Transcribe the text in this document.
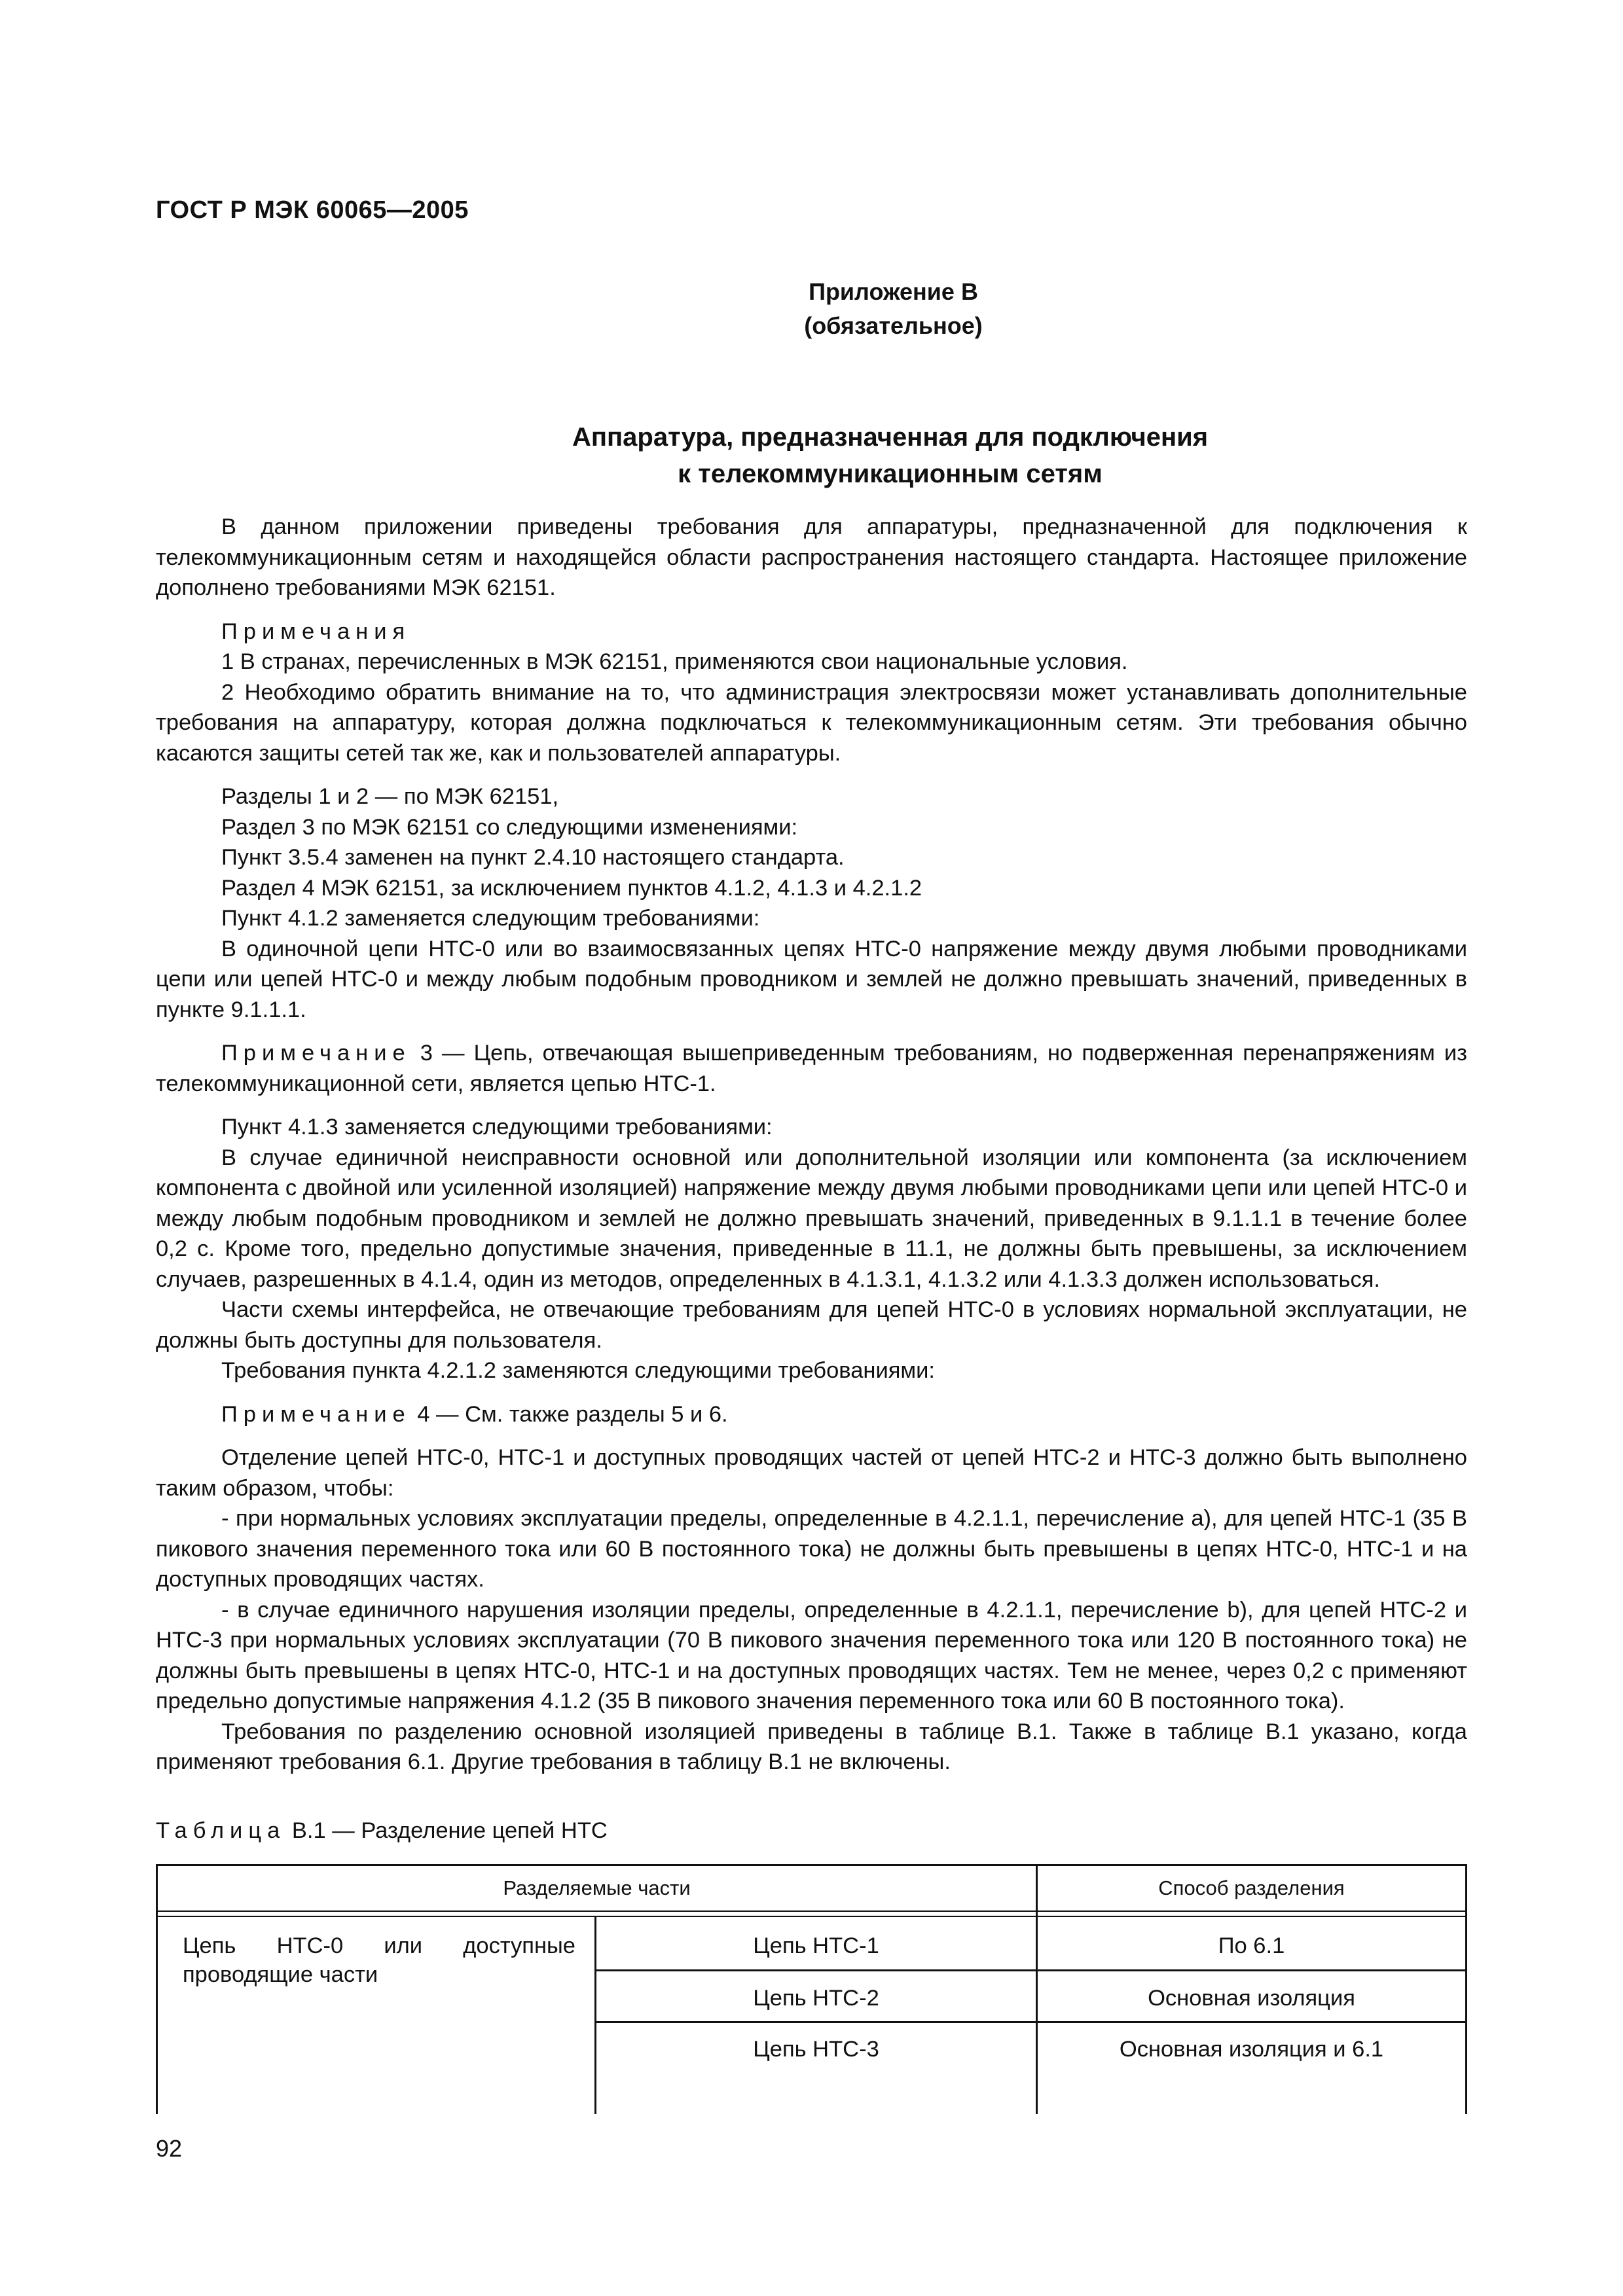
ГОСТ Р МЭК 60065—2005
Приложение В
(обязательное)
Аппаратура, предназначенная для подключения
к телекоммуникационным сетям

В данном приложении приведены требования для аппаратуры, предназначенной для подключения к телекоммуникационным сетям и находящейся области распространения настоящего стандарта. Настоящее приложение дополнено требованиями МЭК 62151.

Примечания

1 В странах, перечисленных в МЭК 62151, применяются свои национальные условия.

2 Необходимо обратить внимание на то, что администрация электросвязи может устанавливать дополнительные требования на аппаратуру, которая должна подключаться к телекоммуникационным сетям. Эти требования обычно касаются защиты сетей так же, как и пользователей аппаратуры.

Разделы 1 и 2 — по МЭК 62151,

Раздел 3 по МЭК 62151 со следующими изменениями:

Пункт 3.5.4 заменен на пункт 2.4.10 настоящего стандарта.

Раздел 4 МЭК 62151, за исключением пунктов 4.1.2, 4.1.3 и 4.2.1.2

Пункт 4.1.2 заменяется следующим требованиями:

В одиночной цепи НТС-0 или во взаимосвязанных цепях НТС-0 напряжение между двумя любыми проводниками цепи или цепей НТС-0 и между любым подобным проводником и землей не должно превышать значений, приведенных в пункте 9.1.1.1.

Примечание 3 — Цепь, отвечающая вышеприведенным требованиям, но подверженная перенапряжениям из телекоммуникационной сети, является цепью НТС-1.

Пункт 4.1.3 заменяется следующими требованиями:

В случае единичной неисправности основной или дополнительной изоляции или компонента (за исключением компонента с двойной или усиленной изоляцией) напряжение между двумя любыми проводниками цепи или цепей НТС-0 и между любым подобным проводником и землей не должно превышать значений, приведенных в 9.1.1.1 в течение более 0,2 с. Кроме того, предельно допустимые значения, приведенные в 11.1, не должны быть превышены, за исключением случаев, разрешенных в 4.1.4, один из методов, определенных в 4.1.3.1, 4.1.3.2 или 4.1.3.3 должен использоваться.

Части схемы интерфейса, не отвечающие требованиям для цепей НТС-0 в условиях нормальной эксплуатации, не должны быть доступны для пользователя.

Требования пункта 4.2.1.2 заменяются следующими требованиями:

Примечание 4 — См. также разделы 5 и 6.

Отделение цепей НТС-0, НТС-1 и доступных проводящих частей от цепей НТС-2 и НТС-3 должно быть выполнено таким образом, чтобы:

- при нормальных условиях эксплуатации пределы, определенные в 4.2.1.1, перечисление а), для цепей НТС-1 (35 В пикового значения переменного тока или 60 В постоянного тока) не должны быть превышены в цепях НТС-0, НТС-1 и на доступных проводящих частях.

- в случае единичного нарушения изоляции пределы, определенные в 4.2.1.1, перечисление b), для цепей НТС-2 и НТС-3 при нормальных условиях эксплуатации (70 В пикового значения переменного тока или 120 В постоянного тока) не должны быть превышены в цепях НТС-0, НТС-1 и на доступных проводящих частях. Тем не менее, через 0,2 с применяют предельно допустимые напряжения 4.1.2 (35 В пикового значения переменного тока или 60 В постоянного тока).

Требования по разделению основной изоляцией приведены в таблице В.1. Также в таблице В.1 указано, когда применяют требования 6.1. Другие требования в таблицу В.1 не включены.

Таблица В.1 — Разделение цепей НТС
Разделяемые части	Способ разделения
Цепь НТС-0 или доступные проводящие части
Цепь НТС-1	По 6.1
Цепь НТС-2	Основная изоляция
Цепь НТС-3	Основная изоляция и 6.1
92
